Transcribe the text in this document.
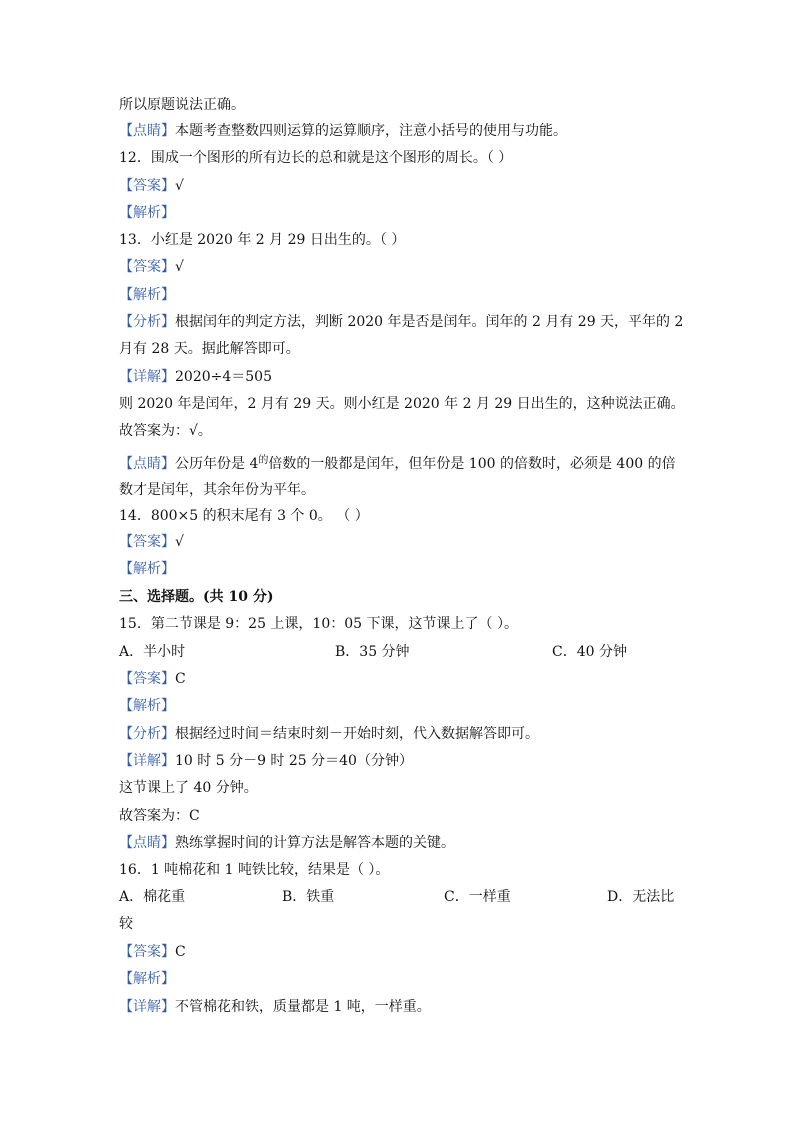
所以原题说法正确。
【点睛】本题考查整数四则运算的运算顺序，注意小括号的使用与功能。
12．围成一个图形的所有边长的总和就是这个图形的周长。（ ）
【答案】√
【解析】
13．小红是 2020 年 2 月 29 日出生的。（ ）
【答案】√
【解析】
【分析】根据闰年的判定方法，判断 2020 年是否是闰年。闰年的 2 月有 29 天，平年的 2
月有 28 天。据此解答即可。
【详解】2020÷4＝505
则 2020 年是闰年，2 月有 29 天。则小红是 2020 年 2 月 29 日出生的，这种说法正确。
故答案为：√。
【点睛】公历年份是 $4^的$倍数的一般都是闰年，但年份是 100 的倍数时，必须是 400 的倍
数才是闰年，其余年份为平年。
14．800×5 的积末尾有 3 个 0。 （ ）
【答案】√
【解析】
三、选择题。(共 10 分)
15．第二节课是 9：25 上课，10：05 下课，这节课上了（ ）。
A．半小时	B．35 分钟	C．40 分钟
【答案】C
【解析】
【分析】根据经过时间＝结束时刻－开始时刻，代入数据解答即可。
【详解】10 时 5 分－9 时 25 分＝40（分钟）
这节课上了 40 分钟。
故答案为：C
【点睛】熟练掌握时间的计算方法是解答本题的关键。
16．1 吨棉花和 1 吨铁比较，结果是（ ）。
A．棉花重	B．铁重	C．一样重	D．无法比
较
【答案】C
【解析】
【详解】不管棉花和铁，质量都是 1 吨，一样重。
